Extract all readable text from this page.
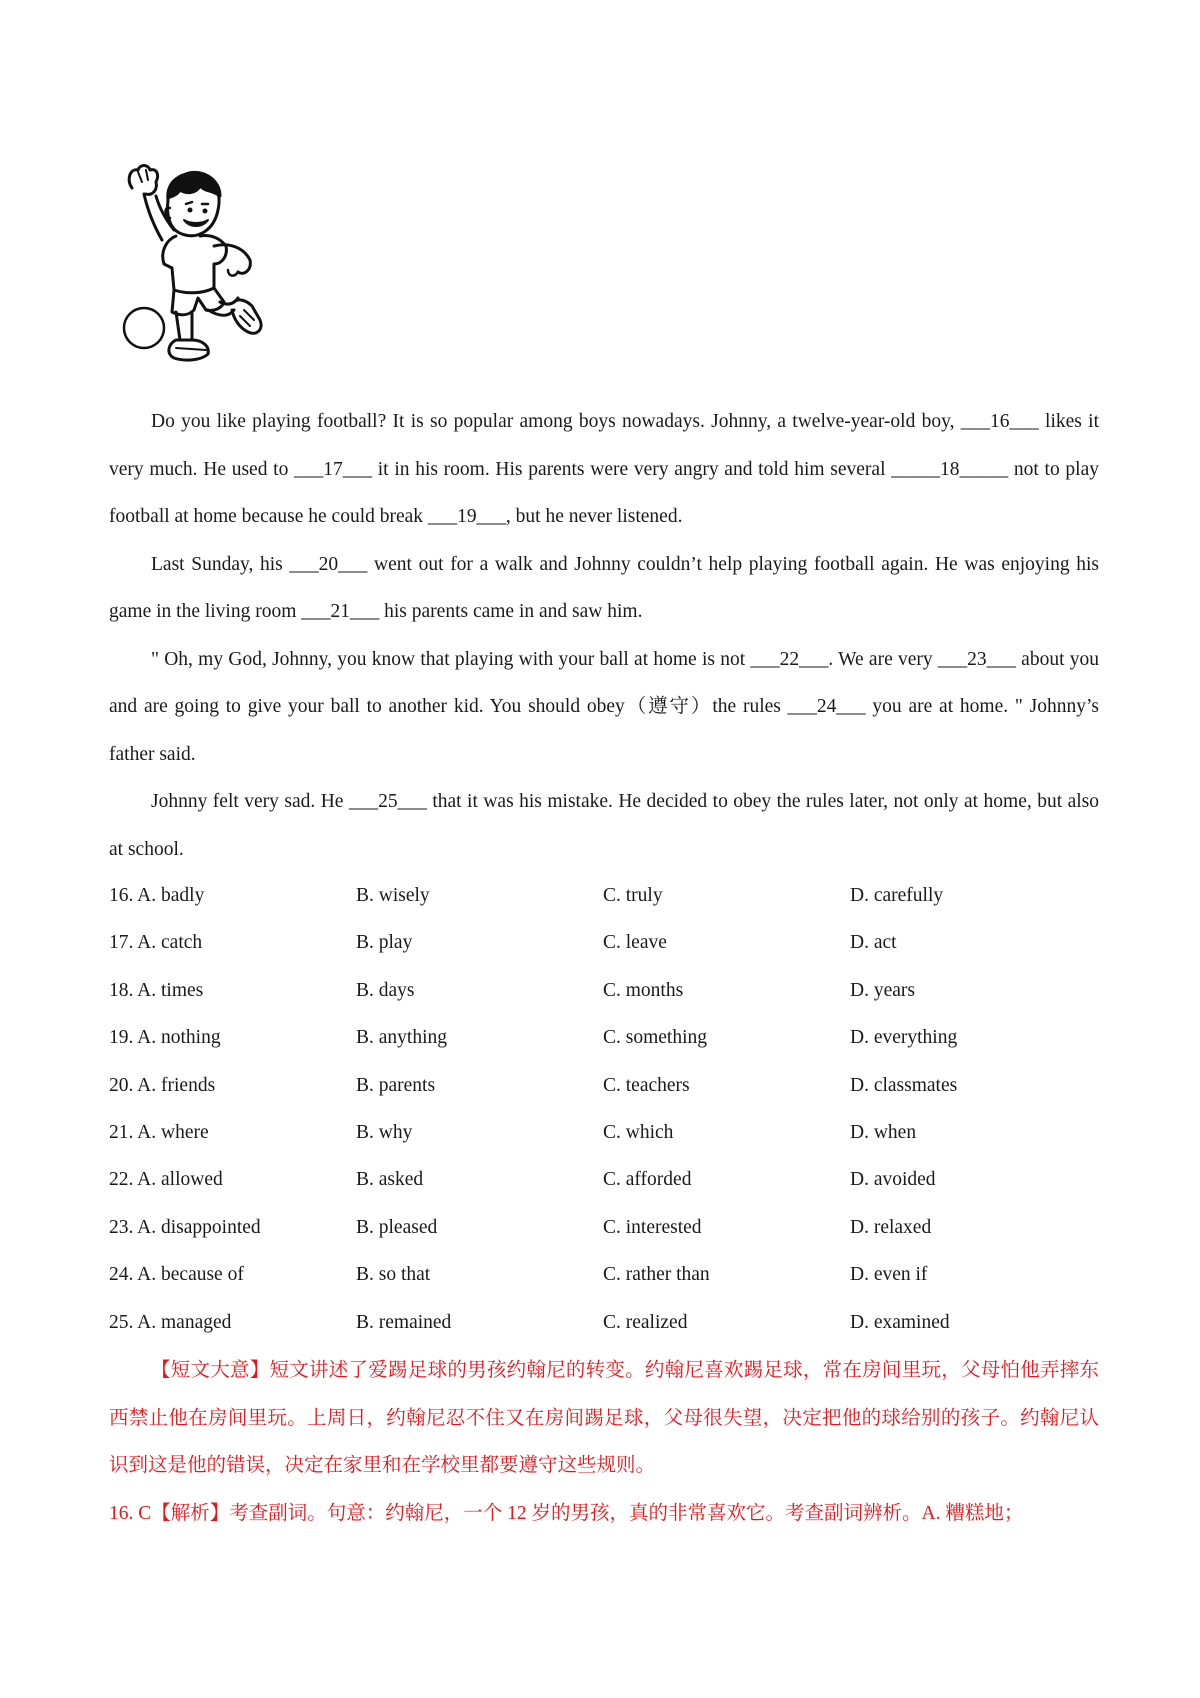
Do you like playing football? It is so popular among boys nowadays. Johnny, a twelve-year-old boy, ___16___ likes it very much. He used to ___17___ it in his room. His parents were very angry and told him several _____18_____ not to play football at home because he could break ___19___, but he never listened.

Last Sunday, his ___20___ went out for a walk and Johnny couldn’t help playing football again. He was enjoying his game in the living room ___21___ his parents came in and saw him.

" Oh, my God, Johnny, you know that playing with your ball at home is not ___22___. We are very ___23___ about you and are going to give your ball to another kid. You should obey（遵守）the rules ___24___ you are at home. " Johnny’s father said.

Johnny felt very sad. He ___25___ that it was his mistake. He decided to obey the rules later, not only at home, but also at school.

16. A. badly	B. wisely	C. truly	D. carefully
17. A. catch	B. play	C. leave	D. act
18. A. times	B. days	C. months	D. years
19. A. nothing	B. anything	C. something	D. everything
20. A. friends	B. parents	C. teachers	D. classmates
21. A. where	B. why	C. which	D. when
22. A. allowed	B. asked	C. afforded	D. avoided
23. A. disappointed	B. pleased	C. interested	D. relaxed
24. A. because of	B. so that	C. rather than	D. even if
25. A. managed	B. remained	C. realized	D. examined

【短文大意】短文讲述了爱踢足球的男孩约翰尼的转变。约翰尼喜欢踢足球，常在房间里玩，父母怕他弄摔东西禁止他在房间里玩。上周日，约翰尼忍不住又在房间踢足球，父母很失望，决定把他的球给别的孩子。约翰尼认识到这是他的错误，决定在家里和在学校里都要遵守这些规则。

16. C【解析】考查副词。句意：约翰尼，一个 12 岁的男孩，真的非常喜欢它。考查副词辨析。A. 糟糕地；
